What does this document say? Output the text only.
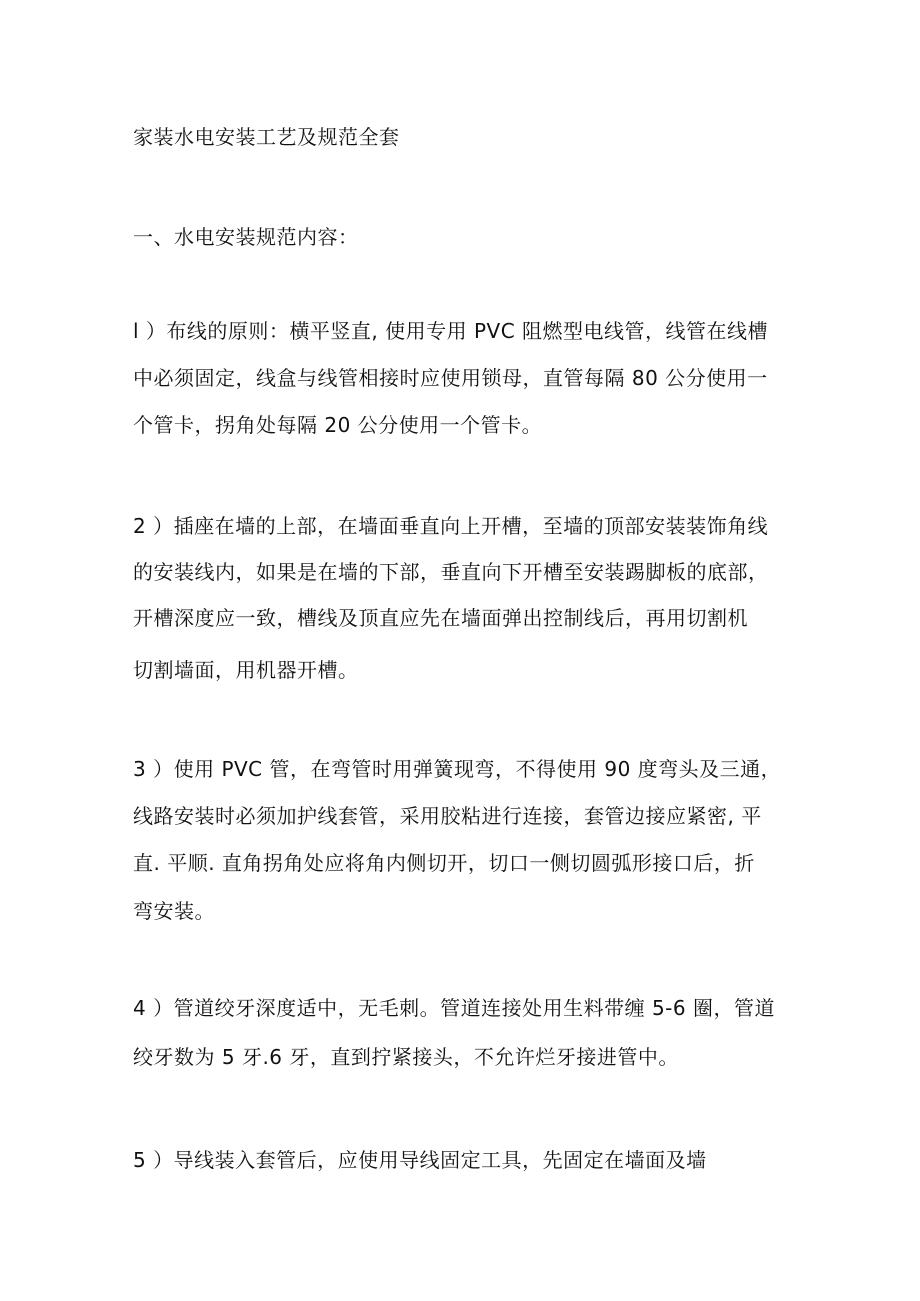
家装水电安装工艺及规范全套
一、水电安装规范内容：
l ）布线的原则：横平竖直, 使用专用 PVC 阻燃型电线管，线管在线槽
中必须固定，线盒与线管相接时应使用锁母，直管每隔 80 公分使用一
个管卡，拐角处每隔 20 公分使用一个管卡。
2 ）插座在墙的上部，在墙面垂直向上开槽，至墙的顶部安装装饰角线
的安装线内，如果是在墙的下部，垂直向下开槽至安装踢脚板的底部，
开槽深度应一致，槽线及顶直应先在墙面弹出控制线后，再用切割机
切割墙面，用机器开槽。
3 ）使用 PVC 管，在弯管时用弹簧现弯，不得使用 90 度弯头及三通，
线路安装时必须加护线套管，采用胶粘进行连接，套管边接应紧密, 平
直. 平顺. 直角拐角处应将角内侧切开，切口一侧切圆弧形接口后，折
弯安装。
4 ）管道绞牙深度适中，无毛刺。管道连接处用生料带缠 5-6 圈，管道
绞牙数为 5 牙.6 牙，直到拧紧接头，不允许烂牙接进管中。
5 ）导线装入套管后，应使用导线固定工具，先固定在墙面及墙
